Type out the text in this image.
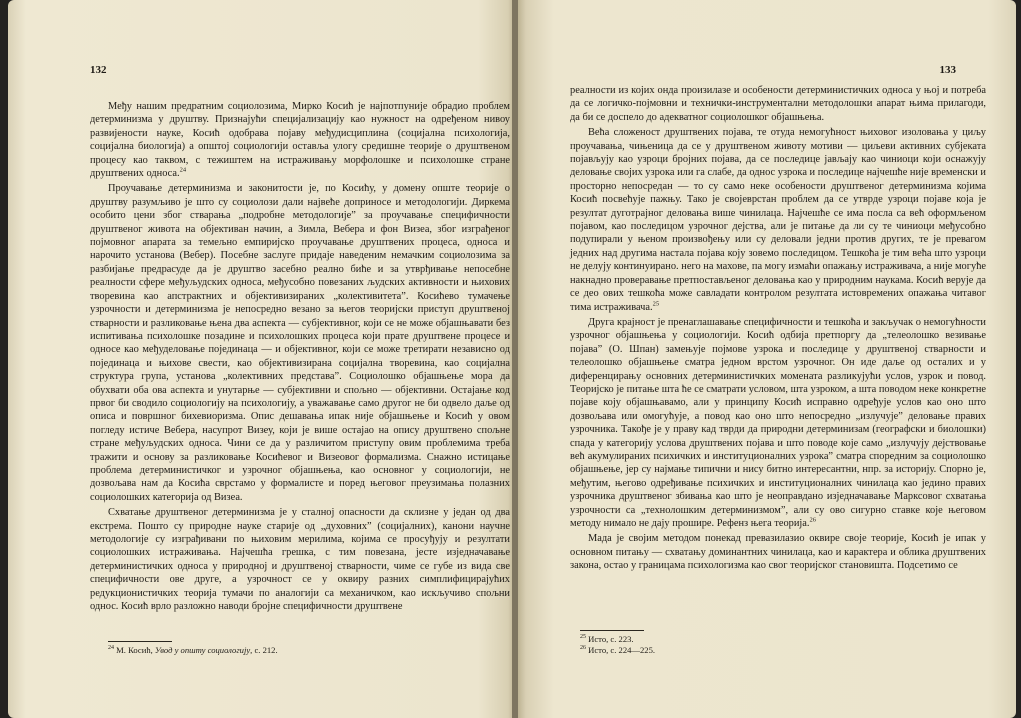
132

Међу нашим предратним социолозима, Мирко Косић је најпотпуније обрадио проблем детерминизма у друштву. Признајући специјализацију као нужност на одређеном нивоу развијености науке, Косић одобрава појаву међудисциплина (социјална психологија, социјална биологија) а општој социологији оставља улогу средишне теорије о друштвеном процесу као таквом, с тежиштем на истраживању морфолошке и психолошке стране друштвених односа.$^{24}$

Проучавање детерминизма и законитости је, по Косићу, у домену опште теорије о друштву разумљиво је што су социолози дали највеће доприносе и методологији. Диркема особито цени због стварања „подробне методологије” за проучавање специфичности друштвеног живота на објективан начин, а Зимла, Вебера и фон Визеа, због изграђеног појмовног апарата за темељно емпиријско проучавање друштвених процеса, односа и нарочито установа (Вебер). Посебне заслуге придаје наведеним немачким социолозима за разбијање предрасуде да је друштво засебно реално биће и за утврђивање непосебне реалности сфере међуљудских односа, међусобно повезаних људских активности и њихових творевина као апстрактних и објективизираних „колективитета”. Косићево тумачење узрочности и детерминизма је непосредно везано за његов теоријски приступ друштвеној стварности и разликовање њена два аспекта — субјективног, који се не може објашњавати без испитивања психолошке позадине и психолошких процеса који прате друштвене процесе и односе као међуделовање појединаца — и објективног, који се може третирати независно од појединаца и њихове свести, као објективизирана социјална творевина, као социјална структура група, установа „колективних представа”. Социолошко објашњење мора да обухвати оба ова аспекта и унутарње — субјективни и спољно — објективни. Остајање код првог би сводило социологију на психологију, а уважавање само другог не би одвело даље од описа и површног бихевиоризма. Опис дешавања ипак није објашњење и Косић у овом погледу истиче Вебера, насупрот Визеу, који је више остајао на опису друштвено спољне стране међуљудских односа. Чини се да у различитом приступу овим проблемима треба тражити и основу за разликовање Косићевог и Визеовог формализма. Снажно истицање проблема детерминистичког и узрочног објашњења, као основног у социологији, не дозвољава нам да Косића сврстамо у формалисте и поред његовог преузимања полазних социолошких категорија од Визеа.

Схватање друштвеног детерминизма је у сталној опасности да склизне у један од два екстрема. Пошто су природне науке старије од „духовних” (социјалних), канони научне методологије су изграђивани по њиховим мерилима, којима се просуђују и резултати социолошких истраживања. Најчешћа грешка, с тим повезана, јесте изједначавање детерминистичких односа у природној и друштвеној стварности, чиме се губе из вида све специфичности ове друге, а узрочност се у оквиру разних симплифицирајућих редукционистичких теорија тумачи по аналогији са механичком, као искључиво спољни однос. Косић врло разложно наводи бројне специфичности друштвене

$^{24}$ М. Косић, Увод у општу социологију, с. 212.
133

реалности из којих онда произилазе и особености детерминистичких односа у њој и потреба да се логичко-појмовни и технички-инструментални методолошки апарат њима прилагоди, да би се доспело до адекватног социолошког објашњења.

Већа сложеност друштвених појава, те отуда немогућност њиховог изоловања у циљу проучавања, чињеница да се у друштвеном животу мотиви — циљеви активних субјеката појављују као узроци бројних појава, да се последице јављају као чиниоци који оснажују деловање својих узрока или га слабе, да однос узрока и последице најчешће није временски и просторно непосредан — то су само неке особености друштвеног детерминизма којима Косић посвећује пажњу. Тако је својеврстан проблем да се утврде узроци појаве која је резултат дуготрајног деловања више чинилаца. Најчешће се има посла са већ оформљеном појавом, као последицом узрочног дејства, али је питање да ли су те чиниоци међусобно подупирали у њеном произвођењу или су деловали једни против других, те је превагом једних над другима настала појава коју зовемо последицом. Тешкоћа је тим већа што узроци не делују континуирано. него на махове, па могу измаћи опажању истраживача, а није могуће накнадно проверавање претпостављеног деловања као у природним наукама. Косић верује да се део ових тешкоћа може савладати контролом резултата истовремених опажања читавог тима истраживача.$^{25}$

Друга крајност је пренаглашавање специфичности и тешкоћа и закључак о немогућности узрочног објашњења у социологији. Косић одбија претпоргу да „телеолошко везивање појава” (О. Шпан) замењује појмове узрока и последице у друштвеној стварности и телеолошко објашњење сматра једном врстом узрочног. Он иде даље од осталих и у диференцирању основних детерминистичких момената разликујући услов, узрок и повод. Теоријско је питање шта ће се сматрати условом, шта узроком, а шта поводом неке конкретне појаве коју објашњавамо, али у принципу Косић исправно одређује услов као оно што дозвољава или омогућује, а повод као оно што непосредно „излучује” деловање правих узрочника. Такође је у праву кад тврди да природни детерминизам (географски и биолошки) спада у категорију услова друштвених појава и што поводе које само „излучују дејствовање већ акумулираних психичких и институционалних узрока” сматра споредним за социолошко објашњење, јер су најмање типични и нису битно интересантни, нпр. за историју. Спорно је, међутим, његово одређивање психичких и институционалних чинилаца као једино правих узрочника друштвеног збивања као што је неоправдано изједначавање Марксовог схватања узрочности са „технолошким детерминизмом”, али су ово сигурно ставке које његовом методу нимало не дају прошире. Рефенз њега теорија.$^{26}$

Мада је својим методом понекад превазилазио оквире своје теорије, Косић је ипак у основном питању — схватању доминантних чинилаца, као и карактера и облика друштвених закона, остао у границама психологизма као свог теоријског становишта. Подсетимо се

$^{25}$ Исто, с. 223.
$^{26}$ Исто, с. 224—225.
